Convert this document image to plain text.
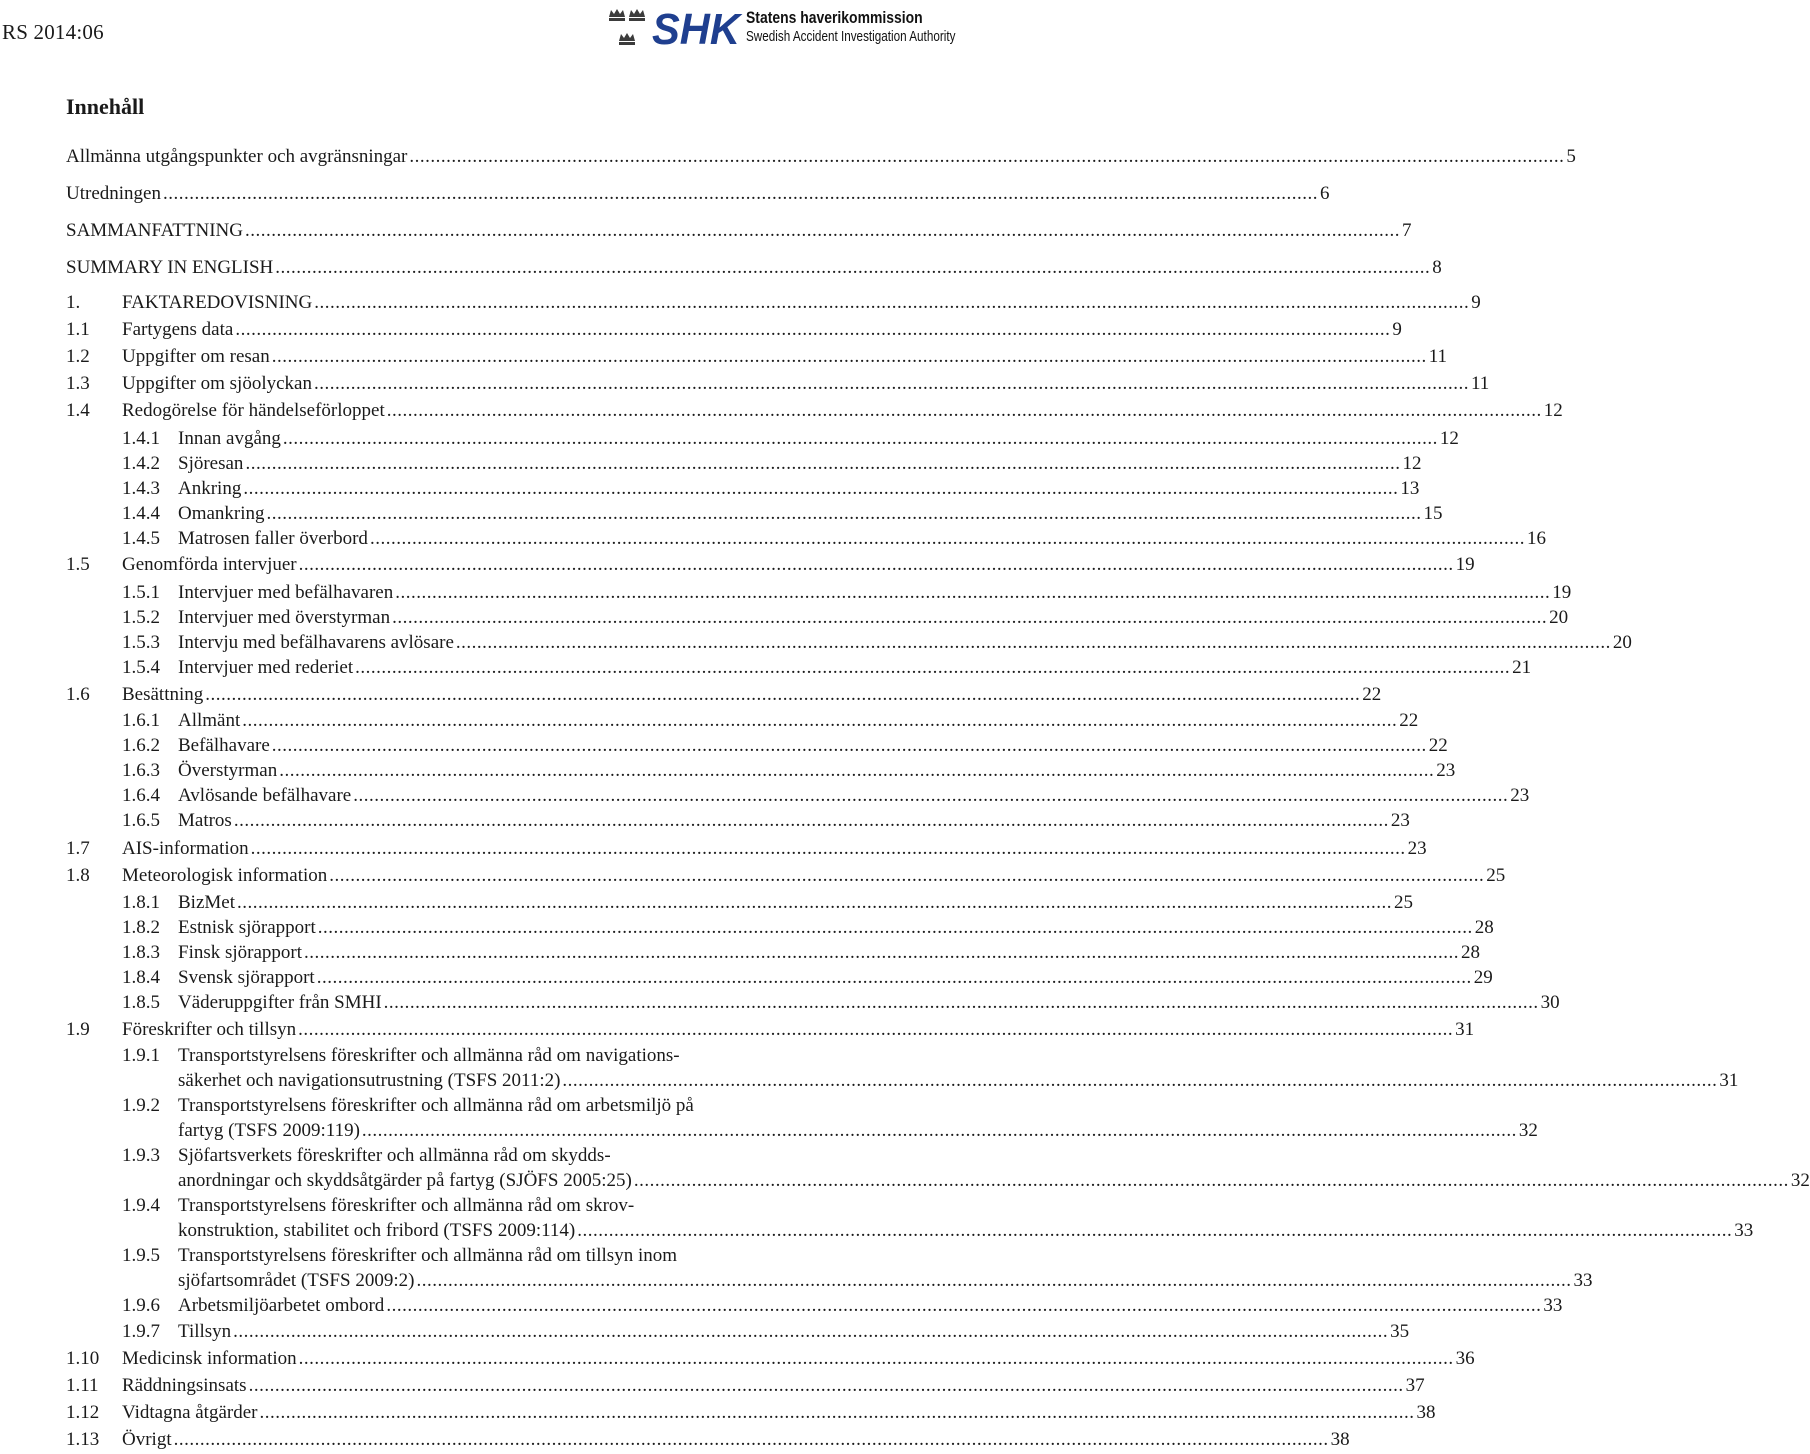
RS 2014:06	SHK Statens haverikommission
Swedish Accident Investigation Authority
Innehåll
Allmänna utgångspunkter och avgränsningar ............................................................................................................................................................................................................................ 5
Utredningen ............................................................................................................................................................................................................................ 6
SAMMANFATTNING ............................................................................................................................................................................................................................ 7
SUMMARY IN ENGLISH ............................................................................................................................................................................................................................ 8
1. FAKTAREDOVISNING ............................................................................................................................................................................................................................ 9
1.1 Fartygens data ............................................................................................................................................................................................................................ 9
1.2 Uppgifter om resan ............................................................................................................................................................................................................................ 11
1.3 Uppgifter om sjöolyckan ............................................................................................................................................................................................................................ 11
1.4 Redogörelse för händelseförloppet ............................................................................................................................................................................................................................ 12
1.4.1 Innan avgång ............................................................................................................................................................................................................................ 12
1.4.2 Sjöresan ............................................................................................................................................................................................................................ 12
1.4.3 Ankring ............................................................................................................................................................................................................................ 13
1.4.4 Omankring ............................................................................................................................................................................................................................ 15
1.4.5 Matrosen faller överbord ............................................................................................................................................................................................................................ 16
1.5 Genomförda intervjuer ............................................................................................................................................................................................................................ 19
1.5.1 Intervjuer med befälhavaren ............................................................................................................................................................................................................................ 19
1.5.2 Intervjuer med överstyrman ............................................................................................................................................................................................................................ 20
1.5.3 Intervju med befälhavarens avlösare ............................................................................................................................................................................................................................ 20
1.5.4 Intervjuer med rederiet ............................................................................................................................................................................................................................ 21
1.6 Besättning ............................................................................................................................................................................................................................ 22
1.6.1 Allmänt ............................................................................................................................................................................................................................ 22
1.6.2 Befälhavare ............................................................................................................................................................................................................................ 22
1.6.3 Överstyrman ............................................................................................................................................................................................................................ 23
1.6.4 Avlösande befälhavare ............................................................................................................................................................................................................................ 23
1.6.5 Matros ............................................................................................................................................................................................................................ 23
1.7 AIS-information ............................................................................................................................................................................................................................ 23
1.8 Meteorologisk information ............................................................................................................................................................................................................................ 25
1.8.1 BizMet ............................................................................................................................................................................................................................ 25
1.8.2 Estnisk sjörapport ............................................................................................................................................................................................................................ 28
1.8.3 Finsk sjörapport ............................................................................................................................................................................................................................ 28
1.8.4 Svensk sjörapport ............................................................................................................................................................................................................................ 29
1.8.5 Väderuppgifter från SMHI ............................................................................................................................................................................................................................ 30
1.9 Föreskrifter och tillsyn ............................................................................................................................................................................................................................ 31
1.9.1 Transportstyrelsens föreskrifter och allmänna råd om navigations-
säkerhet och navigationsutrustning (TSFS 2011:2) ............................................................................................................................................................................................................................ 31
1.9.2 Transportstyrelsens föreskrifter och allmänna råd om arbetsmiljö på
fartyg (TSFS 2009:119) ............................................................................................................................................................................................................................ 32
1.9.3 Sjöfartsverkets föreskrifter och allmänna råd om skydds-
anordningar och skyddsåtgärder på fartyg (SJÖFS 2005:25) ............................................................................................................................................................................................................................ 32
1.9.4 Transportstyrelsens föreskrifter och allmänna råd om skrov-
konstruktion, stabilitet och fribord (TSFS 2009:114) ............................................................................................................................................................................................................................ 33
1.9.5 Transportstyrelsens föreskrifter och allmänna råd om tillsyn inom
sjöfartsområdet (TSFS 2009:2) ............................................................................................................................................................................................................................ 33
1.9.6 Arbetsmiljöarbetet ombord ............................................................................................................................................................................................................................ 33
1.9.7 Tillsyn ............................................................................................................................................................................................................................ 35
1.10 Medicinsk information ............................................................................................................................................................................................................................ 36
1.11 Räddningsinsats ............................................................................................................................................................................................................................ 37
1.12 Vidtagna åtgärder ............................................................................................................................................................................................................................ 38
1.13 Övrigt ............................................................................................................................................................................................................................ 38
